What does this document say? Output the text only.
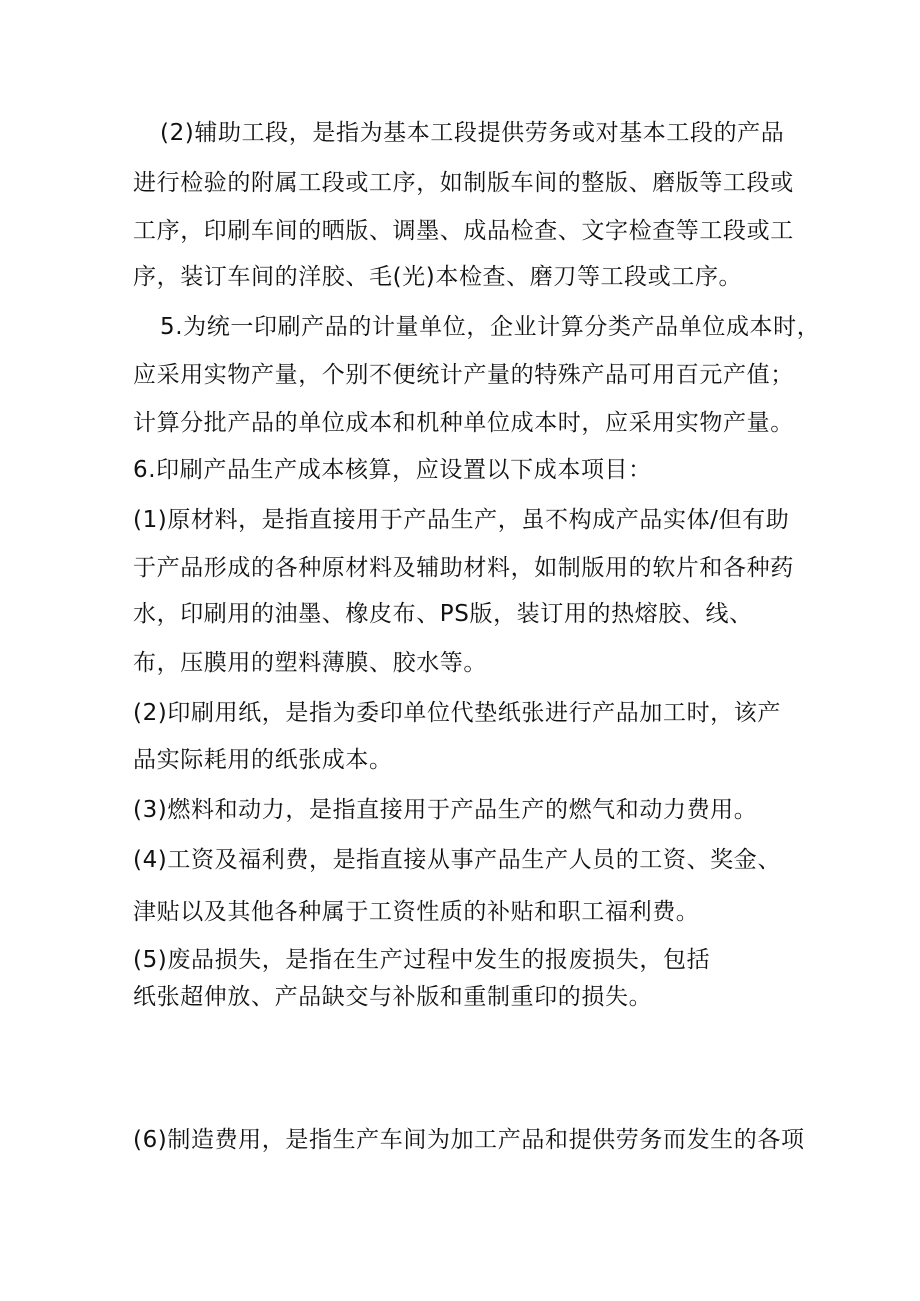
(2)辅助工段，是指为基本工段提供劳务或对基本工段的产品
进行检验的附属工段或工序，如制版车间的整版、磨版等工段或
工序，印刷车间的晒版、调墨、成品检查、文字检查等工段或工
序，装订车间的洋胶、毛(光)本检查、磨刀等工段或工序。
5.为统一印刷产品的计量单位，企业计算分类产品单位成本时，
应采用实物产量，个别不便统计产量的特殊产品可用百元产值；
计算分批产品的单位成本和机种单位成本时，应采用实物产量。
6.印刷产品生产成本核算，应设置以下成本项目：
(1)原材料，是指直接用于产品生产，虽不构成产品实体/但有助
于产品形成的各种原材料及辅助材料，如制版用的软片和各种药
水，印刷用的油墨、橡皮布、PS版，装订用的热熔胶、线、
布，压膜用的塑料薄膜、胶水等。
(2)印刷用纸，是指为委印单位代垫纸张进行产品加工时，该产
品实际耗用的纸张成本。
(3)燃料和动力，是指直接用于产品生产的燃气和动力费用。
(4)工资及福利费，是指直接从事产品生产人员的工资、奖金、
津贴以及其他各种属于工资性质的补贴和职工福利费。
(5)废品损失，是指在生产过程中发生的报废损失，包括
纸张超伸放、产品缺交与补版和重制重印的损失。
(6)制造费用，是指生产车间为加工产品和提供劳务而发生的各项
